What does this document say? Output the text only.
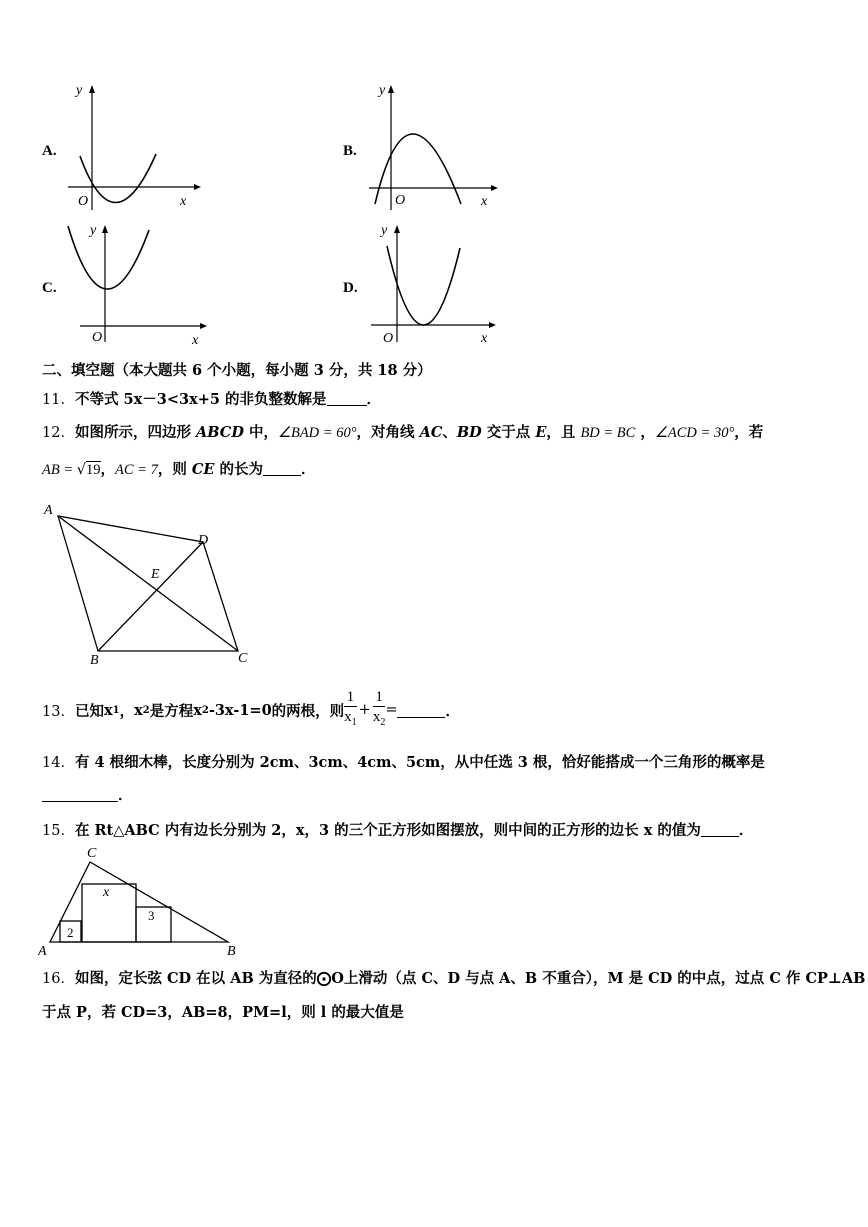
A.	B.
C.	D.
y
x
O
y
x
O
y
x
O
y
x
O
二、填空题（本大题共 6 个小题，每小题 3 分，共 18 分）
11．不等式 5x－3<3x+5 的非负整数解是	．
12．如图所示，四边形 ABCD 中，∠BAD = 60°，对角线 AC、BD 交于点 E，且 BD = BC ，∠ACD = 30°，若
AB = √19，AC = 7，则 CE 的长为	．
A
B	C
D
E
13． 已知 x 1 ， x 2 是方程 x 2 -3x-1=0 的两根，则 $\frac{1}{x_1} + \frac{1}{x_2}$ =	．
14．有 4 根细木棒，长度分别为 2cm、3cm、4cm、5cm，从中任选 3 根，恰好能搭成一个三角形的概率是
．
15．在 Rt△ABC 内有边长分别为 2，x，3 的三个正方形如图摆放，则中间的正方形的边长 x 的值为	．
A
C
B
2
x
3
16．如图，定长弦 CD 在以 AB 为直径的⨀O上滑动（点 C、D 与点 A、B 不重合），M 是 CD 的中点，过点 C 作 CP⊥AB
于点 P，若 CD=3，AB=8，PM=l，则 l 的最大值是
